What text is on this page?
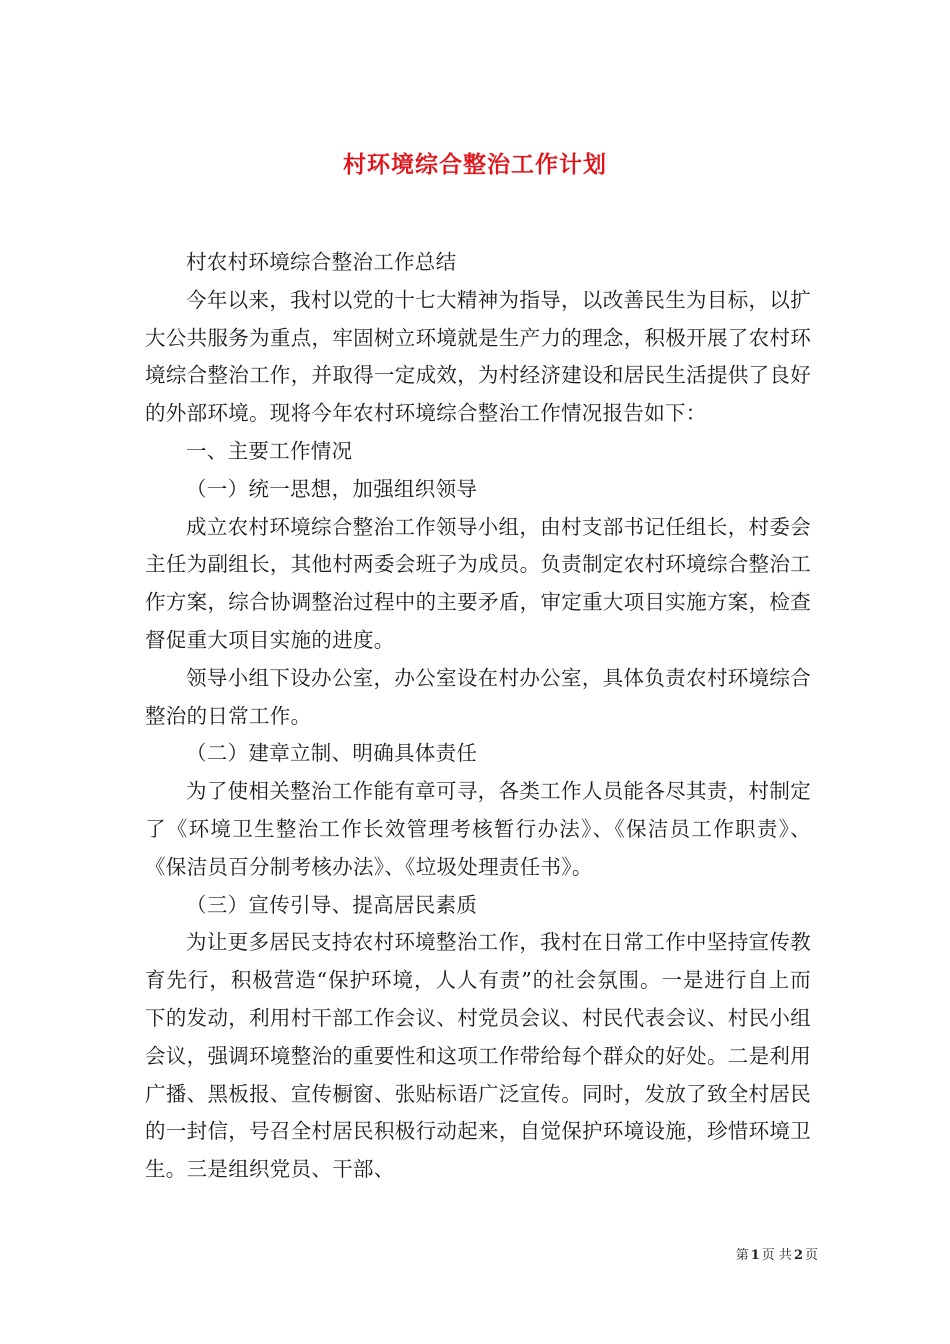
村环境综合整治工作计划

村农村环境综合整治工作总结

今年以来，我村以党的十七大精神为指导，以改善民生为目标，以扩大公共服务为重点，牢固树立环境就是生产力的理念，积极开展了农村环境综合整治工作，并取得一定成效，为村经济建设和居民生活提供了良好的外部环境。现将今年农村环境综合整治工作情况报告如下：

一、主要工作情况

（一）统一思想，加强组织领导

成立农村环境综合整治工作领导小组，由村支部书记任组长，村委会主任为副组长，其他村两委会班子为成员。负责制定农村环境综合整治工作方案，综合协调整治过程中的主要矛盾，审定重大项目实施方案，检查督促重大项目实施的进度。

领导小组下设办公室，办公室设在村办公室，具体负责农村环境综合整治的日常工作。

（二）建章立制、明确具体责任

为了使相关整治工作能有章可寻，各类工作人员能各尽其责，村制定了《环境卫生整治工作长效管理考核暂行办法》、《保洁员工作职责》、《保洁员百分制考核办法》、《垃圾处理责任书》。

（三）宣传引导、提高居民素质

为让更多居民支持农村环境整治工作，我村在日常工作中坚持宣传教育先行，积极营造“保护环境，人人有责”的社会氛围。一是进行自上而下的发动，利用村干部工作会议、村党员会议、村民代表会议、村民小组会议，强调环境整治的重要性和这项工作带给每个群众的好处。二是利用广播、黑板报、宣传橱窗、张贴标语广泛宣传。同时，发放了致全村居民的一封信，号召全村居民积极行动起来，自觉保护环境设施，珍惜环境卫生。三是组织党员、干部、

第 1 页 共 2 页
